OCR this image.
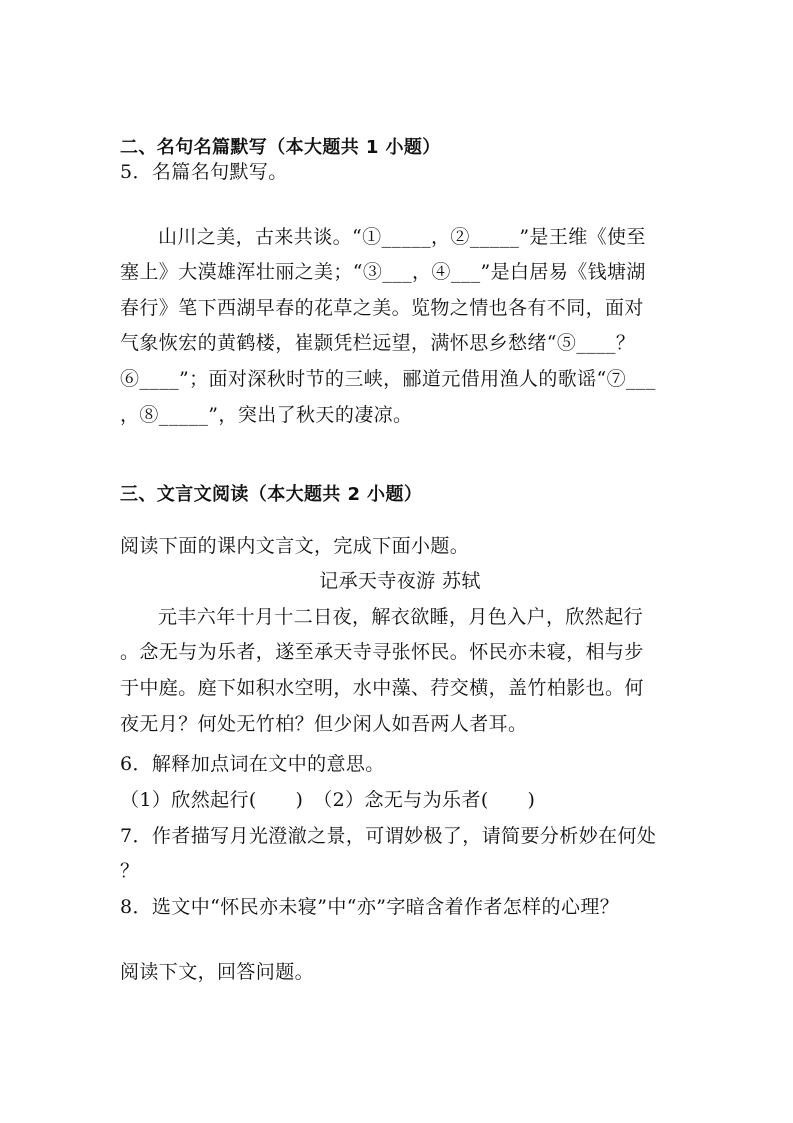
二、名句名篇默写（本大题共 1 小题）
5．名篇名句默写。
山川之美，古来共谈。“①_____，②_____”是王维《使至
塞上》大漠雄浑壮丽之美；“③___，④___”是白居易《钱塘湖
春行》笔下西湖早春的花草之美。览物之情也各有不同，面对
气象恢宏的黄鹤楼，崔颢凭栏远望，满怀思乡愁绪“⑤____？
⑥____”；面对深秋时节的三峡，郦道元借用渔人的歌谣“⑦___
，⑧_____”，突出了秋天的凄凉。
三、文言文阅读（本大题共 2 小题）
阅读下面的课内文言文，完成下面小题。
记承天寺夜游 苏轼
元丰六年十月十二日夜，解衣欲睡，月色入户，欣然起行
。念无与为乐者，遂至承天寺寻张怀民。怀民亦未寝，相与步
于中庭。庭下如积水空明，水中藻、荇交横，盖竹柏影也。何
夜无月？何处无竹柏？但少闲人如吾两人者耳。
6．解释加点词在文中的意思。
（1）欣然起行(　　)　（2）念无与为乐者(　　)
7．作者描写月光澄澈之景，可谓妙极了，请简要分析妙在何处
？
8．选文中“怀民亦未寝”中“亦”字暗含着作者怎样的心理？
阅读下文，回答问题。
